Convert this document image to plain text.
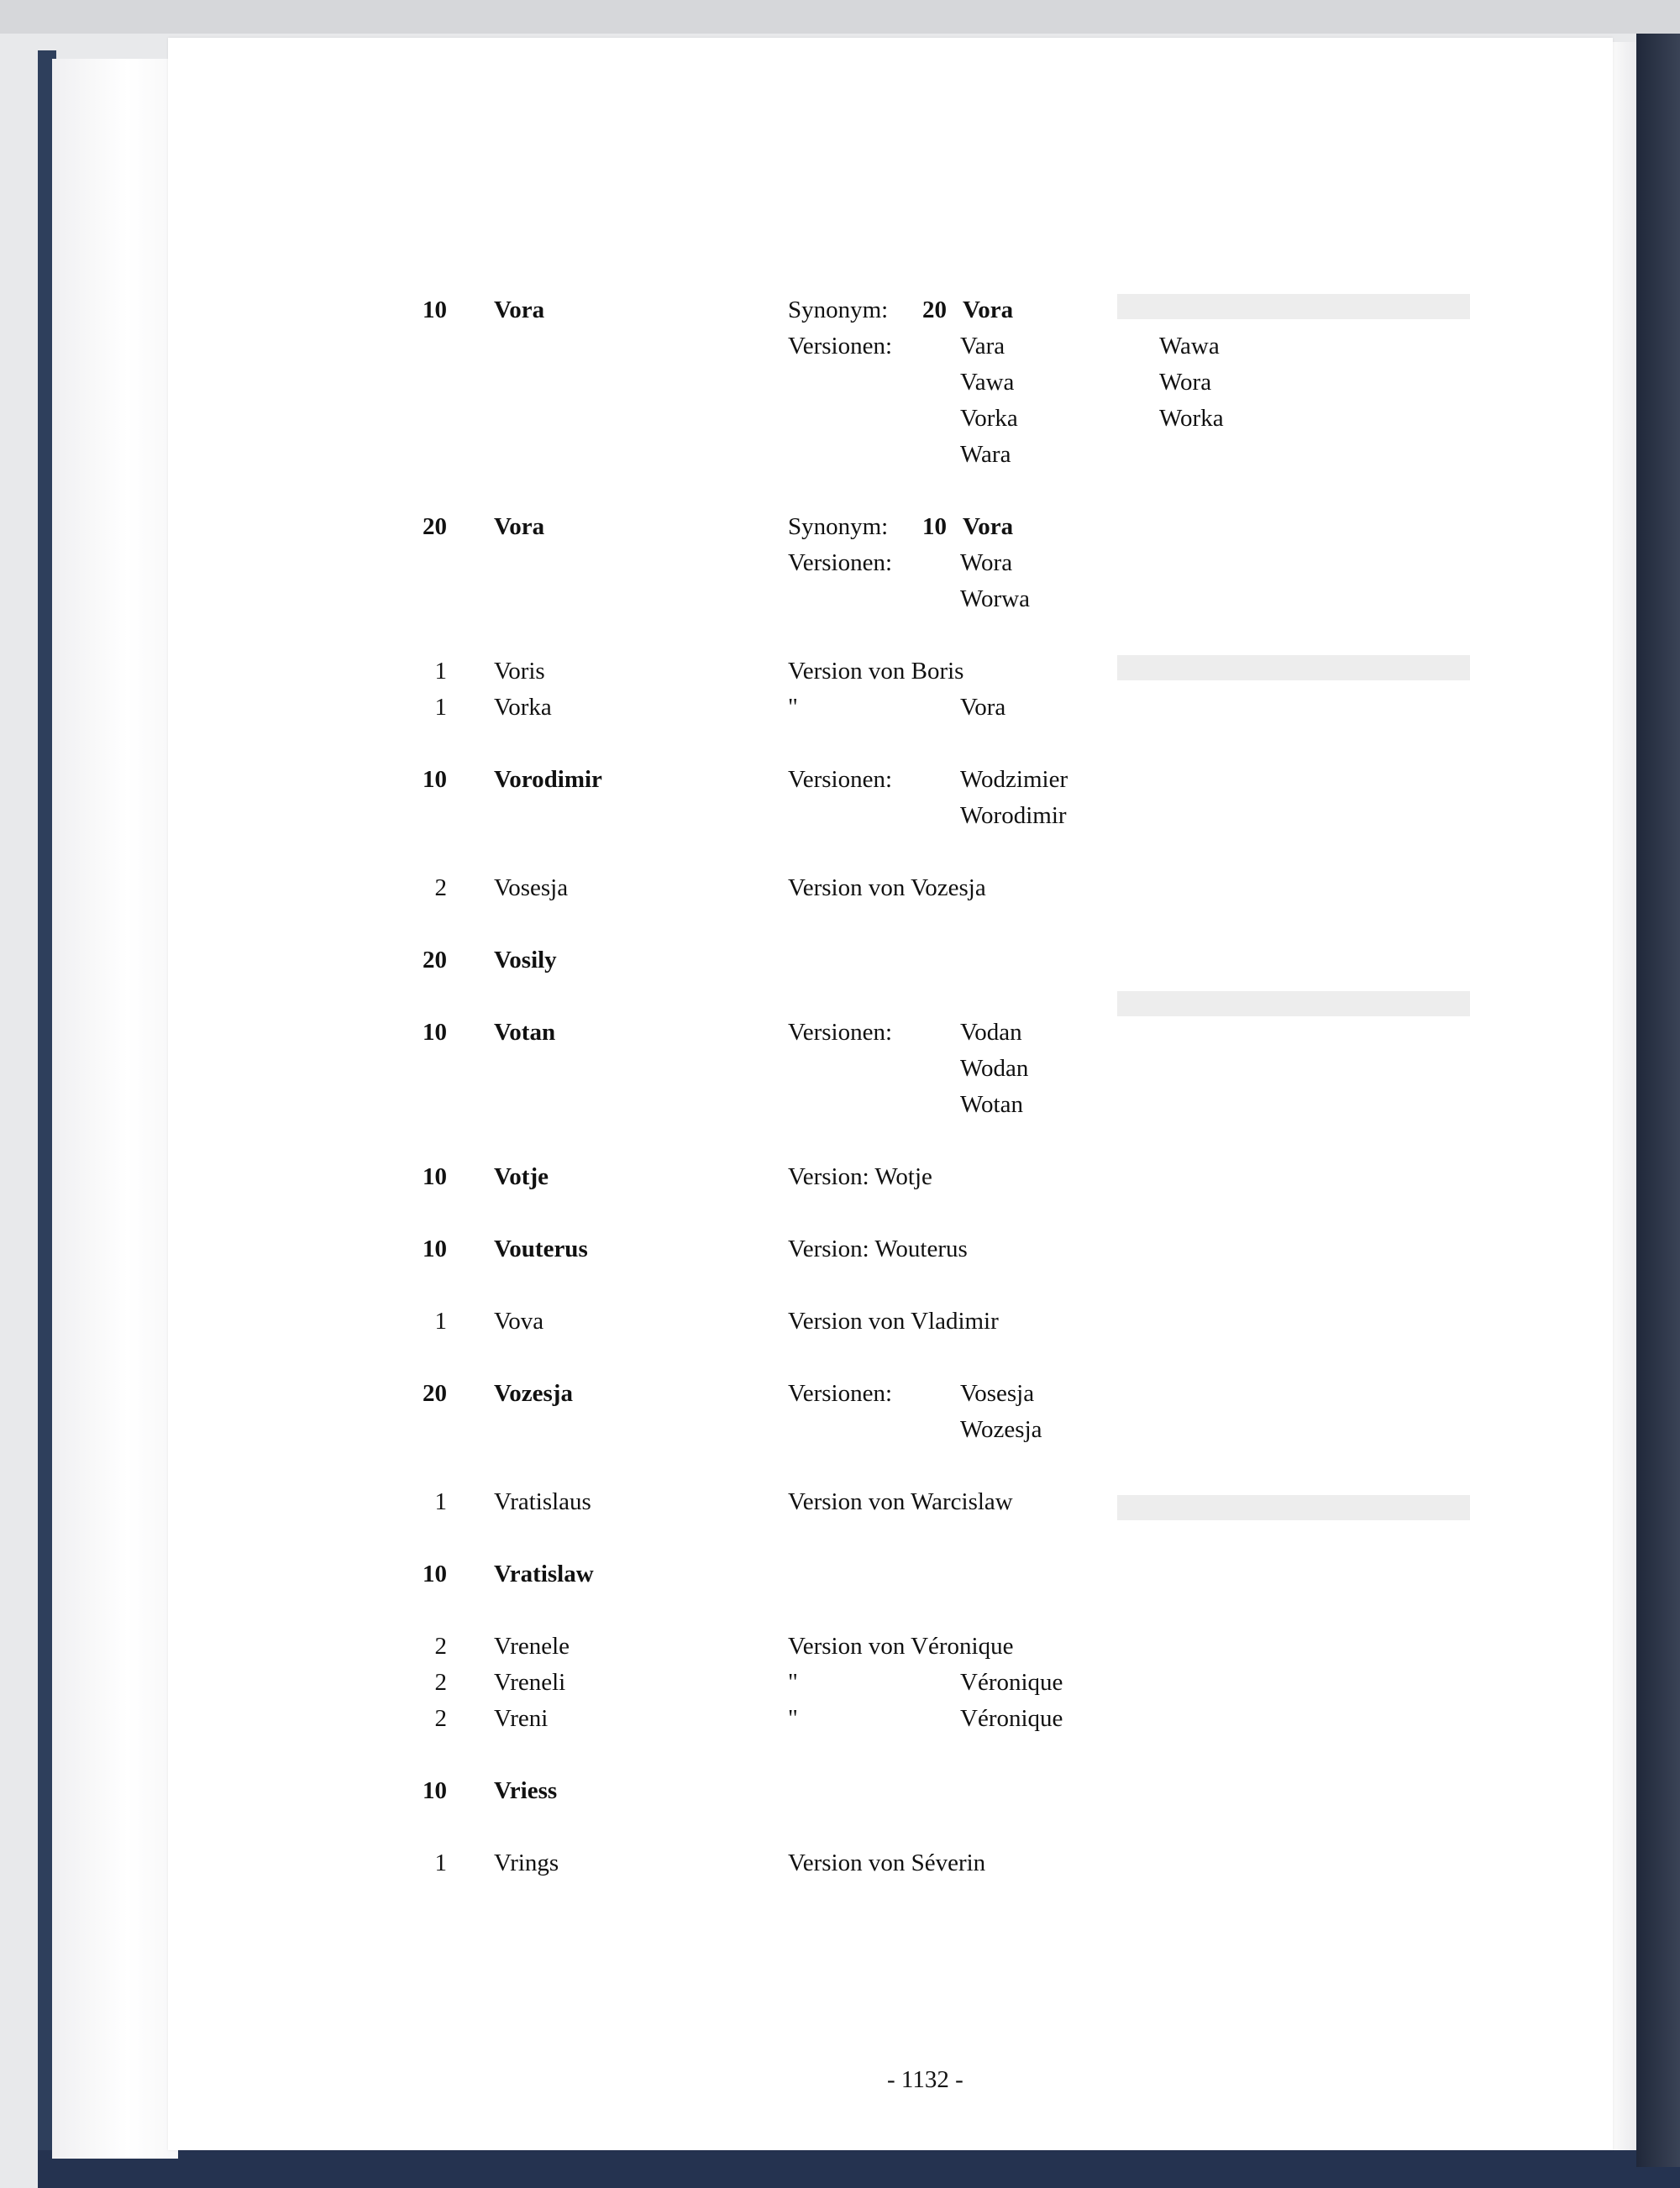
10 Vora	Synonym: 20 Vora
Versionen:	Vara	Wawa
Vawa	Wora
Vorka	Worka
Wara
20 Vora	Synonym: 10 Vora
Versionen:	Wora
Worwa
1 Voris	Version von Boris
1 Vorka	"	Vora
10 Vorodimir	Versionen:	Wodzimier
Worodimir
2 Vosesja	Version von Vozesja
20 Vosily
10 Votan	Versionen:	Vodan
Wodan
Wotan
10 Votje	Version: Wotje
10 Vouterus	Version: Wouterus
1 Vova	Version von Vladimir
20 Vozesja	Versionen:	Vosesja
Wozesja
1 Vratislaus	Version von Warcislaw
10 Vratislaw
2 Vrenele	Version von Véronique
2 Vreneli	"	Véronique
2 Vreni	"	Véronique
10 Vriess
1 Vrings	Version von Séverin
- 1132 -
